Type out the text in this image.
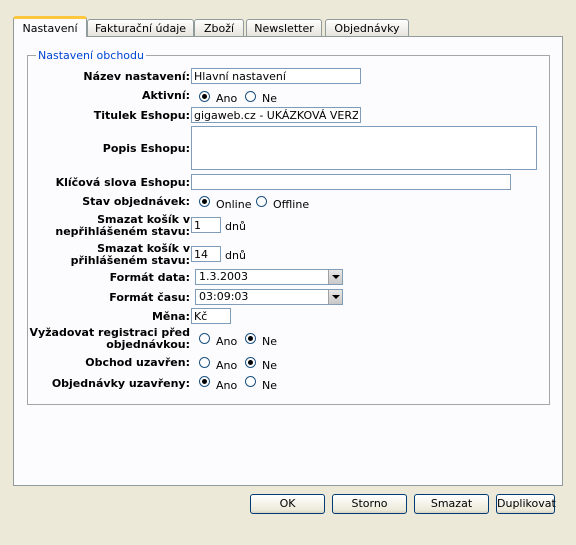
Nastavení	Fakturační údaje	Zboží	Newsletter	Objednávky
Nastavení obchodu
Název nastavení:
Hlavní nastavení
Aktivní: Ano Ne
Titulek Eshopu:
gigaweb.cz - UKÁZKOVÁ VERZE
Popis Eshopu:
Klíčová slova Eshopu:
Stav objednávek: Online Offline
Smazat košík v
nepřihlášeném stavu:
1	dnů
Smazat košík v
přihlášeném stavu:
14	dnů
Formát data: 1.3.2003
Formát času: 03:09:03
Měna:
Kč
Vyžadovat registraci před
objednávkou: Ano Ne
Obchod uzavřen: Ano Ne
Objednávky uzavřeny: Ano Ne
OK	Storno	Smazat	Duplikovat
